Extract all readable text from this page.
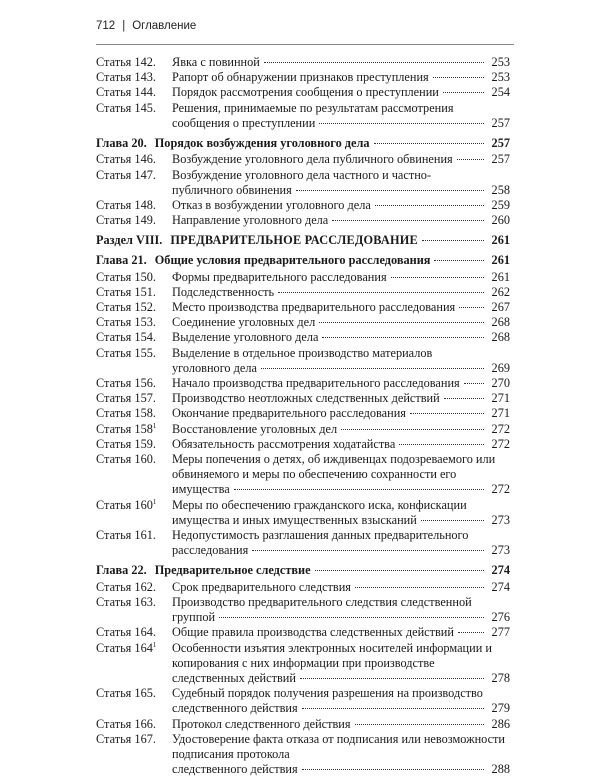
712 | Оглавление
Статья 142.	Явка с повинной	253
Статья 143.	Рапорт об обнаружении признаков преступления	253
Статья 144.	Порядок рассмотрения сообщения о преступлении	254
Статья 145.	Решения, принимаемые по результатам рассмотрения
сообщения о преступлении	257
Глава 20. Порядок возбуждения уголовного дела	257
Статья 146.	Возбуждение уголовного дела публичного обвинения	257
Статья 147.	Возбуждение уголовного дела частного и частно-
публичного обвинения	258
Статья 148.	Отказ в возбуждении уголовного дела	259
Статья 149.	Направление уголовного дела	260
Раздел VIII. ПРЕДВАРИТЕЛЬНОЕ РАССЛЕДОВАНИЕ	261
Глава 21. Общие условия предварительного расследования	261
Статья 150.	Формы предварительного расследования	261
Статья 151.	Подследственность	262
Статья 152.	Место производства предварительного расследования	267
Статья 153.	Соединение уголовных дел	268
Статья 154.	Выделение уголовного дела	268
Статья 155.	Выделение в отдельное производство материалов
уголовного дела	269
Статья 156.	Начало производства предварительного расследования	270
Статья 157.	Производство неотложных следственных действий	271
Статья 158.	Окончание предварительного расследования	271
Статья $158^1$	Восстановление уголовных дел	272
Статья 159.	Обязательность рассмотрения ходатайства	272
Статья 160.	Меры попечения о детях, об иждивенцах подозреваемого или обвиняемого и меры по обеспечению сохранности его
имущества	272
Статья $160^1$	Меры по обеспечению гражданского иска, конфискации
имущества и иных имущественных взысканий	273
Статья 161.	Недопустимость разглашения данных предварительного
расследования	273
Глава 22. Предварительное следствие	274
Статья 162.	Срок предварительного следствия	274
Статья 163.	Производство предварительного следствия следственной
группой	276
Статья 164.	Общие правила производства следственных действий	277
Статья $164^1$	Особенности изъятия электронных носителей информации и копирования с них информации при производстве
следственных действий	278
Статья 165.	Судебный порядок получения разрешения на производство
следственного действия	279
Статья 166.	Протокол следственного действия	286
Статья 167.	Удостоверение факта отказа от подписания или невозможности подписания протокола
следственного действия	288
